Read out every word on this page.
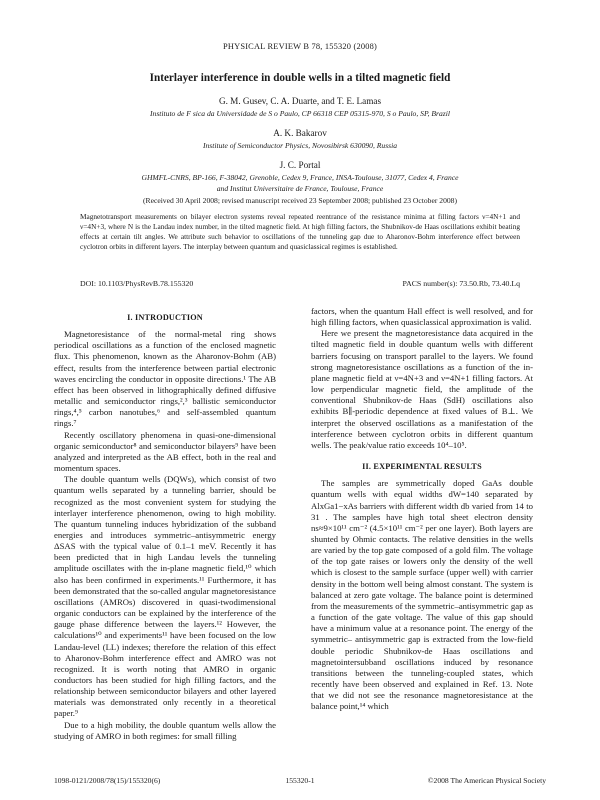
PHYSICAL REVIEW B 78, 155320 (2008)
Interlayer interference in double wells in a tilted magnetic field
G. M. Gusev, C. A. Duarte, and T. E. Lamas
Instituto de F sica da Universidade de S o Paulo, CP 66318 CEP 05315-970, S o Paulo, SP, Brazil
A. K. Bakarov
Institute of Semiconductor Physics, Novosibirsk 630090, Russia
J. C. Portal
GHMFL-CNRS, BP-166, F-38042, Grenoble, Cedex 9, France, INSA-Toulouse, 31077, Cedex 4, France
and Institut Universitaire de France, Toulouse, France
(Received 30 April 2008; revised manuscript received 23 September 2008; published 23 October 2008)
Magnetotransport measurements on bilayer electron systems reveal repeated reentrance of the resistance minima at filling factors ν=4N+1 and ν=4N+3, where N is the Landau index number, in the tilted magnetic field. At high filling factors, the Shubnikov-de Haas oscillations exhibit beating effects at certain tilt angles. We attribute such behavior to oscillations of the tunneling gap due to Aharonov-Bohm interference effect between cyclotron orbits in different layers. The interplay between quantum and quasiclassical regimes is established.
DOI: 10.1103/PhysRevB.78.155320	PACS number(s): 73.50.Rb, 73.40.Lq
I. INTRODUCTION

Magnetoresistance of the normal-metal ring shows periodical oscillations as a function of the enclosed magnetic flux. This phenomenon, known as the Aharonov-Bohm (AB) effect, results from the interference between partial electronic waves encircling the conductor in opposite directions.¹ The AB effect has been observed in lithographically defined diffusive metallic and semiconductor rings,²,³ ballistic semiconductor rings,⁴,⁵ carbon nanotubes,⁶ and self-assembled quantum rings.⁷

Recently oscillatory phenomena in quasi-one-dimensional organic semiconductor⁸ and semiconductor bilayers⁹ have been analyzed and interpreted as the AB effect, both in the real and momentum spaces.

The double quantum wells (DQWs), which consist of two quantum wells separated by a tunneling barrier, should be recognized as the most convenient system for studying the interlayer interference phenomenon, owing to high mobility. The quantum tunneling induces hybridization of the subband energies and introduces symmetric–antisymmetric energy ΔSAS with the typical value of 0.1–1 meV. Recently it has been predicted that in high Landau levels the tunneling amplitude oscillates with the in-plane magnetic field,¹⁰ which also has been confirmed in experiments.¹¹ Furthermore, it has been demonstrated that the so-called angular magnetoresistance oscillations (AMROs) discovered in quasi-twodimensional organic conductors can be explained by the interference of the gauge phase difference between the layers.¹² However, the calculations¹⁰ and experiments¹¹ have been focused on the low Landau-level (LL) indexes; therefore the relation of this effect to Aharonov-Bohm interference effect and AMRO was not recognized. It is worth noting that AMRO in organic conductors has been studied for high filling factors, and the relationship between semiconductor bilayers and other layered materials was demonstrated only recently in a theoretical paper.⁹

Due to a high mobility, the double quantum wells allow the studying of AMRO in both regimes: for small filling

factors, when the quantum Hall effect is well resolved, and for high filling factors, when quasiclassical approximation is valid.

Here we present the magnetoresistance data acquired in the tilted magnetic field in double quantum wells with different barriers focusing on transport parallel to the layers. We found strong magnetoresistance oscillations as a function of the in-plane magnetic field at ν=4N+3 and ν=4N+1 filling factors. At low perpendicular magnetic field, the amplitude of the conventional Shubnikov-de Haas (SdH) oscillations also exhibits B∥-periodic dependence at fixed values of B⊥. We interpret the observed oscillations as a manifestation of the interference between cyclotron orbits in different quantum wells. The peak/value ratio exceeds 10⁴–10⁵.

II. EXPERIMENTAL RESULTS

The samples are symmetrically doped GaAs double quantum wells with equal widths dW=140 separated by AlxGa1−xAs barriers with different width db varied from 14 to 31 . The samples have high total sheet electron density ns≈9×10¹¹ cm⁻² (4.5×10¹¹ cm⁻² per one layer). Both layers are shunted by Ohmic contacts. The relative densities in the wells are varied by the top gate composed of a gold film. The voltage of the top gate raises or lowers only the density of the well which is closest to the sample surface (upper well) with carrier density in the bottom well being almost constant. The system is balanced at zero gate voltage. The balance point is determined from the measurements of the symmetric–antisymmetric gap as a function of the gate voltage. The value of this gap should have a minimum value at a resonance point. The energy of the symmetric– antisymmetric gap is extracted from the low-field double periodic Shubnikov-de Haas oscillations and magnetointersubband oscillations induced by resonance transitions between the tunneling-coupled states, which recently have been observed and explained in Ref. 13. Note that we did not see the resonance magnetoresistance at the balance point,¹⁴ which

1098-0121/2008/78(15)/155320(6)	155320-1	©2008 The American Physical Society
